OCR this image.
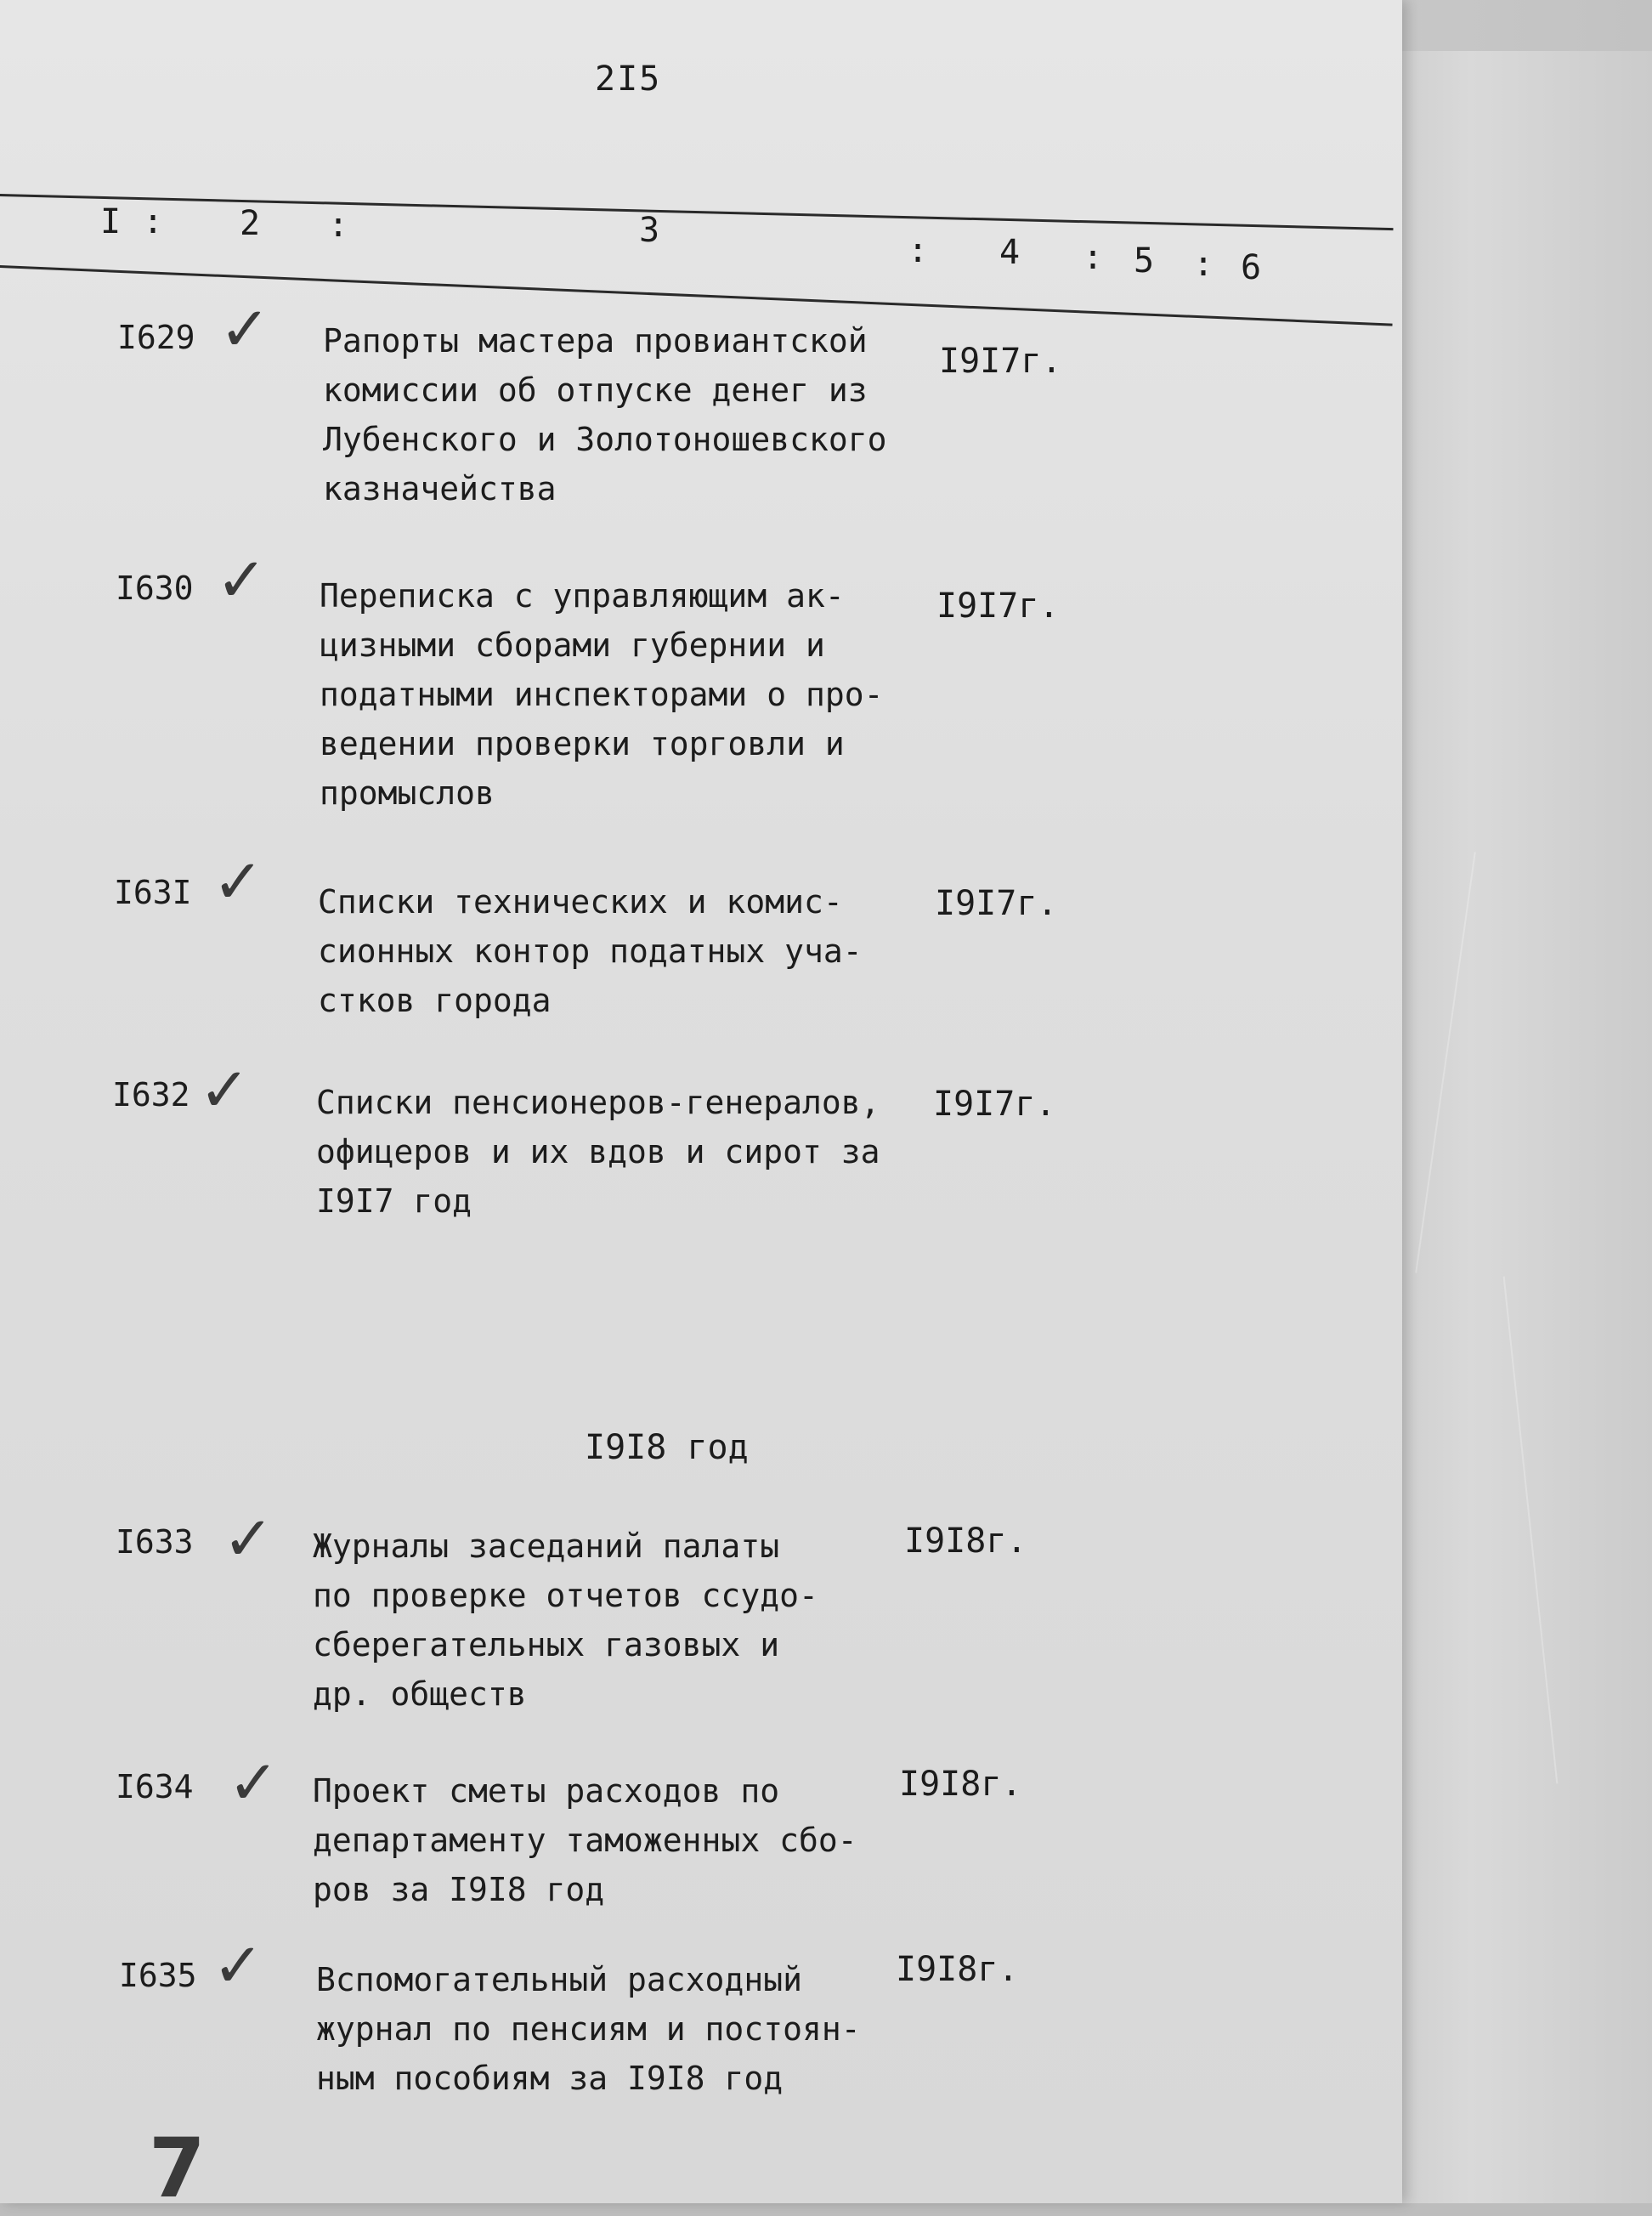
2I5
I : 2 :	3
: 4 : 5 : 6
I629 ✓ Рапорты мастера провиантской
комиссии об отпуске денег из
Лубенского и Золотоношевского
казначейства
I9I7г.
I630 ✓ Переписка с управляющим ак-
цизными сборами губернии и
податными инспекторами о про-
ведении проверки торговли и
промыслов
I9I7г.
I63I ✓ Списки технических и комис-
сионных контор податных уча-
стков города
I9I7г.
I632 ✓ Списки пенсионеров-генералов,
офицеров и их вдов и сирот за
I9I7 год
I9I7г.
I9I8 год
I633 ✓ Журналы заседаний палаты
по проверке отчетов ссудо-
сберегательных газовых и
др. обществ
I9I8г.
I634 ✓ Проект сметы расходов по
департаменту таможенных сбо-
ров за I9I8 год
I9I8г.
I635 ✓ Вспомогательный расходный
журнал по пенсиям и постоян-
ным пособиям за I9I8 год
I9I8г.
7
